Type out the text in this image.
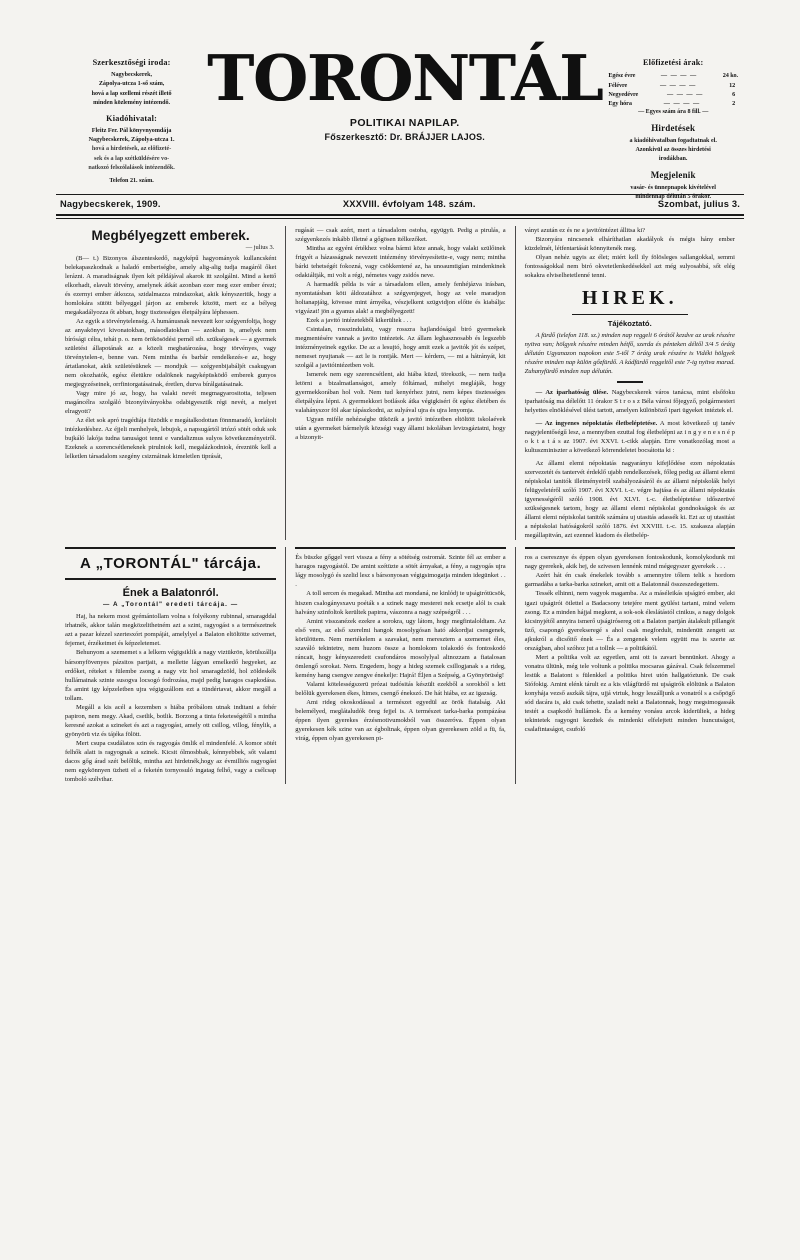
Szerkesztőségi iroda:
Nagybecskerek,
Zápolya-utcza 1-ső szám,
hová a lap szellemi részét illető
minden közlemény intézendő.
Kiadóhivatal:
Fleitz Fer. Pál könyvnyomdája
Nagybecskerek, Zápolya-utcza 1.
hová a hirdetések, az előfizeté-
sek és a lap szétküldésére vo-
natkozó felszólalások intézendők.
Telefon 21. szám.
TORONTÁL
POLITIKAI NAPILAP.
Főszerkesztő: Dr. BRÁJJER LAJOS.
Előfizetési árak:
Egész évre	— — — —	24 ko.
Félévre	— — — —	12
Negyedévre	— — — —	6
Egy hóra	— — — —	2
— Egyes szám ára 8 fill. —
Hirdetések
a kiadóhivatalban fogadtatnak el.
Azonkivül az összes hirdetési
irodákban.
Megjelenik
vasár- és ünnepnapok kivételével
mindennap délután 5 órakor.
Nagybecskerek, 1909.	XXXVIII. évfolyam 148. szám.	Szombat, julius 3.
Megbélyegzett emberek.
— julius 3.

(B— t.) Bizonyos álszenteskedő, nagyképű hagyományok kullancsként belekapaszkodnak a haladó emberiségbe, amely alig-alig tudja magáról őket lerázni. A maradiságnak ilyen két példájával akarok itt szolgálni. Mind a kettő elkorhadt, elavult törvény, amelynek átkát azonban ezer meg ezer ember érezi; és ezernyi ember átkozza, szidalmazza mindazokat, akik kényszeritik, hogy a homlokára sütött bélyeggel járjon az emberek között, mert ez a bélyeg megakadályozza őt abban, hogy tisztességes életpályára léphessen.

Az egyik a törvénytelenség. A humánusnak nevezett kor szégyenfoltja, hogy az anyakönyvi kivonatokban, másodlatokban — azokban is, amelyek nem bírósági célra, tehát p. o. nem örökösödési pernél stb. szükségesek — a gyermek születési állapotának az a közeli megbatározása, hogy törvényes, vagy törvénytelen-e, benne van. Nem mintha és barbár rendelkezés-e az, hogy ártatlanokat, akik születésüknek — mondjuk — szégyenbijabáljét csakugyan nem okozhatók, egész életükre odalöknek nagyképüsködő emberek gunyos megjegyzéseinek, orrfintorgatásainak, éretlen, durva bírálgatásainak.

Vagy mire jó az, hogy, ha valaki nevét megmagyarositotta, teljesen magáncélra szolgáló bizonyítványokba odabigyesztik régi nevét, a melyet elragyott?

Az élet sok apró tragédiája füzödik e megátalkodottan fönnmaradó, korlátolt intézkedéshez. Az éjjeli menhelyek, lebujok, a napsugártól irtózó sötét oduk sok bujkáló lakója tudna tanuságot tenni e vandalizmus sulyos következményeiről. Ezeknek a szerencsétleneknek pirulniok kell, megalázkodniok, érezniök kell a lelketlen társadalom szegény csizmáinak kimeletlen tiprását,

rugását — csak azért, mert a társadalom ostoba, együgyü. Pedig a pirulás, a szégyenkezés inkább illetné a gőgösen itélkezőket.

Mintha az egyéni értékhez volna bármi köze annak, hogy valaki szülőinek frigyét a házasságnak nevezett intézmény törvényesítette-e, vagy nem; mintha bárki tehetségét fokozná, vagy csökkentené az, ha unoaumtigían mindenkinek odakiáltják, mi volt a régi, németes vagy zsidós neve.

A harmadik példa is vár a társadalom ellen, amely fenhéjázva irásban, nyomtatásban köti áldozatához a szégyenjegyet, hogy az vele maradjon holtanapjáig, kövesse mint árnyéka, vészjelkent szügvidjon előtte és kiabálja: vigyázat! jön a gyanus alak! a megbélyegzett!

Ezek a javitó intézetekből kikerültek . . .

Csintalan, rosszindulatu, vagy rosszra hajlandóságal biró gyermekek megmentésére vannak a javito intézetek. Az állam leghasznosabb és legszebb intézményeinek egyike. De az a lesujtó, hogy amit ezek a javitók jót és szépet, nemeset nyujtanak — azt le is rontják. Mert — kérdem, — mi a hátrányát, kit szolgál a javitóintézetben volt.

Ismerek nem egy szerencsétlent, aki hiába küzd, törekszik, — nem tudja letörni a bizalmatlanságot, amely föltámad, mihelyt megláják, hogy gyermekkorában hol volt. Nem tud kenyérhez jutni, nem képes tisztességes életpályára lépni. A gyermekkori botlások átka végigkiséri őt egész életében és valahányszor föl akar tápászkodni, az sulyával ujra és ujra lenyomja.

Ugyan miféle nehézségbe ütközik a javitó intézetben eltöltött iskolaévek után a gyermeket bármelyik községi vagy állami iskolában levizsgáztatni, hogy a bizonyit-

ványt azután ez és ne a javitóintézet állitsa ki?

Bizonyára nincsenek elháríthatlan akadályok és mégis hány ember küzdelmét, létfentartását könnyitenék meg.

Olyan nehéz ugyis az élet; miért kell ily fölösleges sallangokkal, semmi fontosságokkal nem biró okvetetlenkedésekkel azt még sulyosabbá, sőt elég sokakra elviselhetetlenné tenni.

HIREK.
Tájékoztató.

A fürdő (telefon 118. sz.) minden nap reggeli 6 órától kezdve az urak részére nyitva van; hölgyek részére minden hétfő, szerda és pénteken déltől 3/4 5 óráig délután Ugyanazon napokon este 5-től 7 óráig urak részére is Vidéki hölgyek részére minden nap külön gőzfürdő. A kádfürdő reggeltől este 7-ig nyitva marad. Zuhanyfürdő minden nap délután.

— Az iparhatóság ülése. Nagybecskerek város tanácsa, mint elsőfoku iparhatóság ma délelőtt 11 órakor S t r o s z Béla városi főjegyző, polgármesteri helyettes elnöklésével ülést tartott, amelyen különböző ipari ügyeket intéztek el.

— Az ingyenes népoktatás életbeléptetése. A most következő uj tanév nagyjelentőségű lesz, a mennyiben ezuttal fog életbelépni az i n g y e n e s n é p o k t a t á s az 1907. évi XXVI. t.-cikk alapján. Erre vonatkozólag most a kultuszminiszter a következő körrendeletet bocsátotta ki :

Az állami elemi népoktatás nagyarányu kifejlődése ezen népoktatás szervezetét és tantervét érdeklő ujabb rendelkezések, főleg pedig az állami elemi népiskolai tanitók illetményeiről szabályozásáról és az állami népiskolák helyi felügyeletéről szóló 1907. évi XXVI. t.-c. végre hajtása és az állami népoktatás igyenességéről szóló 1908. évi XLVI. t.-c. életbeléptetése időszerüvé szükségesnek tartom, hogy az állami elemi népiskolai gondnokságok és az állami elemi népiskolai tanitók számára uj utasitás adassék ki. Ezt az uj utasitást a népiskolai hatóságokról szóló 1876. évi XXVIII. t.-c. 15. szakasza alapján megállapitván, azt ezennel kiadom és életbelép-

A „TORONTÁL" tárcája.
Ének a Balatonról.
— A „Torontál" eredeti tárcája. —

Haj, ha nekem most gyémántollam volna s folyékony rubinnal, smaragddal irhatnék, akkor talán megközelithetném azt a szint, ragyogást s a természetnek azt a pazar kézzel szertesxórt pompáját, amelylyel a Balaton eltöltötte szivemet, fejemet, érzékeimet és képzeletemet.

Behunyom a szememet s a lelkem végigsiklik a nagy viztükrön, körülszállja bársonyfövenyes pázsitos partjait, a mellette lágyan emelkedő hegyeket, az erdőket, réteket s fülembe zsong a nagy viz hol smaragdzöld, hol zöldeskék hullámainak szinte susogva locsogó fodrozása, majd pedig haragos csapkodása. És amint igy képzeletben ujra végigszállom ezt a tündértavat, akkor megáll a tollam.

Megáll a kis acél a kezemben s hiába próbálom utnak inditani a fehér papiron, nem megy. Akad, csetlik, botlik. Borzong a tinta feketeségétől s mintha keresné azokat a szineket és azt a ragyogást, amely ott csillog, villog, fénylik, a gyönyörü viz és tájéka fölött.

Mert csupa csudálatos szin és ragyogás ömlik el mindenfelé. A komor sötét felhők alatt is ragyognak a szinek. Kicsit ólmosbbak, kénnyebbek, sőt valami dacos gőg árad szét belőlük, mintha azt hirdetnék,hogy az évmilliós ragyogást nem egykönnyen üzheti el a feketén tornyosuló ingatag felhő, vagy a csélcsap tomboló szélvihar.

És büszke gőggel veri vissza a fény a sötétség ostromát. Szinte fél az ember a haragos ragyogástól. De amint szétüzte a sötét árnyakat, a fény, a ragyogás ujra lágy mosolygó és szelid lesz s bársonyosan végigsimogatja minden idegünket . . .

A toll sercen és megakad. Mintha azt mondaná, ne kinlódj te ujságirótücsök, hiszen csalogánysxavu poéták s a szinek nagy mesterei nek ecsetje alól is csak halvány szinfoltok kerültek papirra, vászonra a nagy szépségről . . .

Amint visszanézek ezekre a sorokra, ugy látom, hogy megfintaloldtam. Az első vers, az első szerelmi hangok mosolygósan ható akkordjai csengenek, körülöttem. Nem mertékelem a szavakat, nem meresztem a szememet éles, szaváló tekintetre, nem huzom össze a homlokom tolakodó és fontoskodó ráncait, hogy kényszeredett csufondáros mosolylyal altnozzam a fiatalosan ömlengő sorokat. Nem. Engedem, hogy a hideg szemek csillogjanak s a rideg, kemény hang csengve zengve énekelje: Hajrá! Éljen a Szépség, a Gyönyörüség!

Valami kötelességszerü prózai tudósitás készült ezekből a sorokból s lett belőlük gyerekesen ékes, himes, csengő énekszó. De hát hiába, ez az igazság.

Ami rideg okoskodással a természet egyedül az örök fiatalság. Aki belemélyed, meglátaludók öreg fejjel is. A természet tarka-barka pompázása éppen ilyen gyerekes érzésmotivumokból van összeróva. Éppen olyan gyerekesen kék szine van az égboltnak, éppen olyan gyerekesen zöld a fü, fa, virág, éppen olyan gyerekesen pi-

ros a cseresznye és éppen olyan gyerekesen fontoskodunk, komolykodunk mi nagy gyerekek, akik hej, de szivesen lennénk mind mégegyszer gyerekek . . .

Azért hát én csak énekelek tovább s amennyire tőlem telik s hordom garmadába a tarka-barka szineket, amit ott a Balatonnál összeszedegettem.

Tessék elhinni, nem vagyok magamba. Az a máséleikás ujságiró ember, aki igazi ujságirói ötlettel a Badacsony tetejére ment gyülést tartani, mind velem zsong. Ez a minden hájjal megkent, a sok-sok éleslátástól cinikus, a nagy dolgok kicsinyjétől annyira ismerő ujságirósereg ott a Balaton partján átalakult pillangót üző, csapongó gyerekseregé s ahol csak megfordult, mindenütt zengett az ajkukról a dicsőitő ének — És a zengenek velem együtt ma is szerte az országban, ahol szóhoz jut a tollnk — a politikától.

Mert a politika volt az egyetlen, ami ott is zavart bennünket. Ahogy a vonatra ültünk, még tele voltunk a politika mocsaras gázával. Csak felszemmel lestük a Balatont s fülenkkel a politika hirei utón hallgatóztunk. De csak Siófokig. Amint elénk tárult ez a kis világfürdő mi ujságirók elöltünk a Balaton konyhája vezső aszkák tájra, ujjá virtuk, hogy leszálljunk a vonatról s a csőpögő sód dacára is, aki csak tehette, szaladt neki a Balatonnak, hogy megsimogassák testét a csapkodó hullámok. És a kemény vonásu arcok kiderültek, a hideg tekintetek ragyogni kezdtek és mindenki elfelejtett minden huncutságot, csalafintaságot, csufoló
